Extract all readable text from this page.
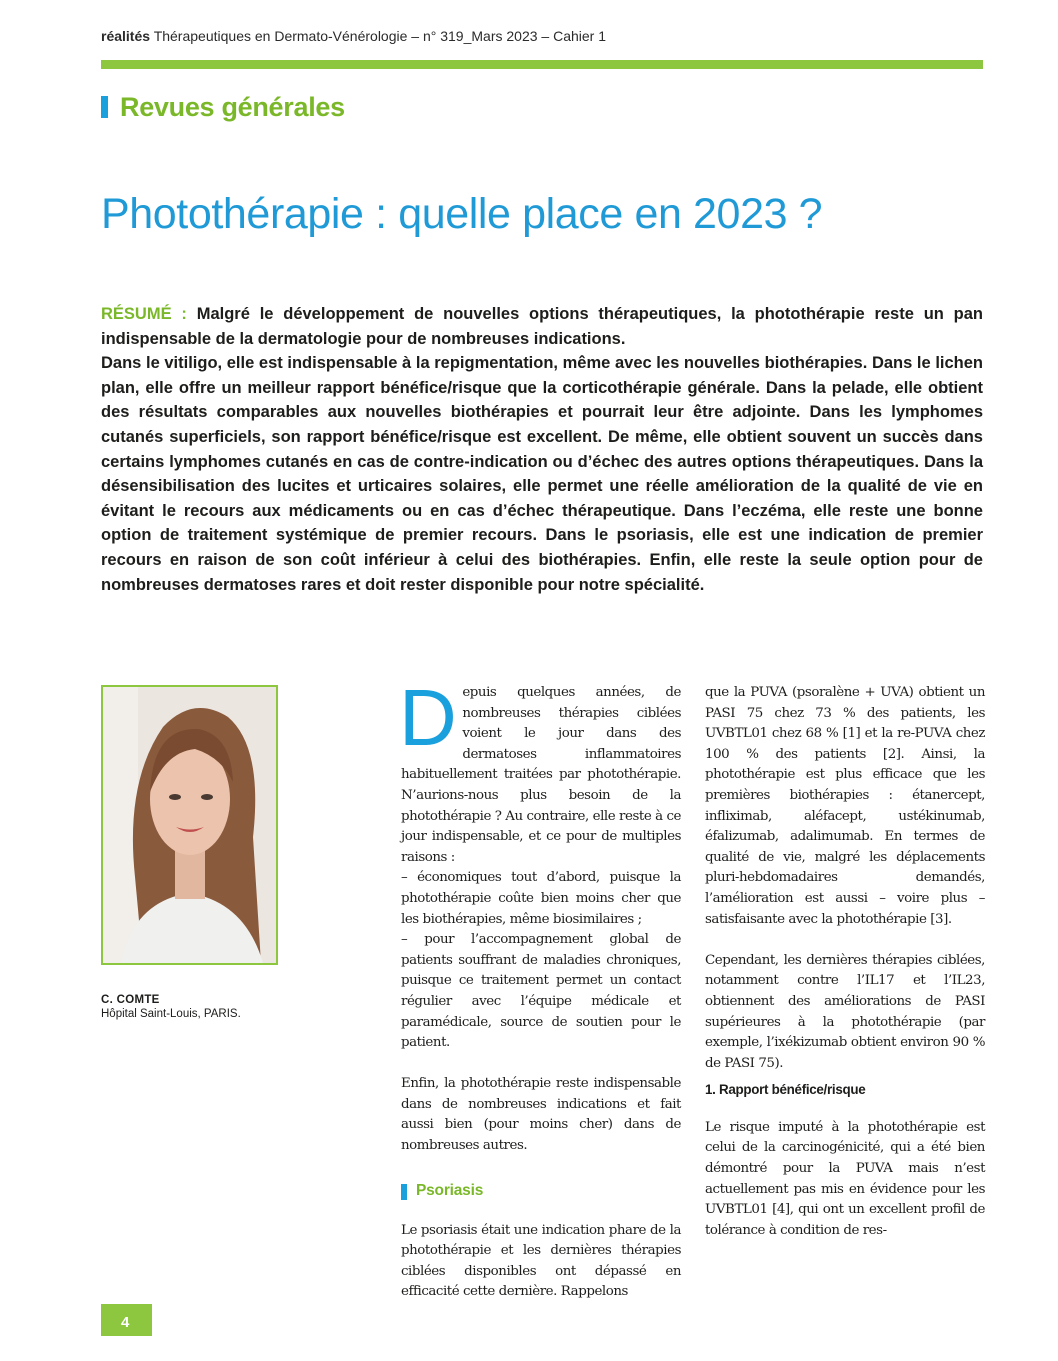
réalités Thérapeutiques en Dermato-Vénérologie – n° 319_Mars 2023 – Cahier 1
Revues générales
Photothérapie : quelle place en 2023 ?

RÉSUMÉ : Malgré le développement de nouvelles options thérapeutiques, la photothérapie reste un pan indispensable de la dermatologie pour de nombreuses indications.

Dans le vitiligo, elle est indispensable à la repigmentation, même avec les nouvelles biothérapies. Dans le lichen plan, elle offre un meilleur rapport bénéfice/risque que la corticothérapie générale. Dans la pelade, elle obtient des résultats comparables aux nouvelles biothérapies et pourrait leur être adjointe. Dans les lymphomes cutanés superficiels, son rapport bénéfice/risque est excellent. De même, elle obtient souvent un succès dans certains lymphomes cutanés en cas de contre-indication ou d’échec des autres options thérapeutiques. Dans la désensibilisation des lucites et urticaires solaires, elle permet une réelle amélioration de la qualité de vie en évitant le recours aux médicaments ou en cas d’échec thérapeutique. Dans l’eczéma, elle reste une bonne option de traitement systémique de premier recours. Dans le psoriasis, elle est une indication de premier recours en raison de son coût inférieur à celui des biothérapies. Enfin, elle reste la seule option pour de nombreuses dermatoses rares et doit rester disponible pour notre spécialité.

C. COMTE
Hôpital Saint-Louis, PARIS.

Depuis quelques années, de nombreuses thérapies ciblées voient le jour dans des dermatoses inflammatoires habituellement traitées par photothérapie. N’aurions-nous plus besoin de la photothérapie ? Au contraire, elle reste à ce jour indispensable, et ce pour de multiples raisons :

– économiques tout d’abord, puisque la photothérapie coûte bien moins cher que les biothérapies, même biosimilaires ;

– pour l’accompagnement global de patients souffrant de maladies chroniques, puisque ce traitement permet un contact régulier avec l’équipe médicale et paramédicale, source de soutien pour le patient.

Enfin, la photothérapie reste indispensable dans de nombreuses indications et fait aussi bien (pour moins cher) dans de nombreuses autres.

Psoriasis

Le psoriasis était une indication phare de la photothérapie et les dernières thérapies ciblées disponibles ont dépassé en efficacité cette dernière. Rappelons

que la PUVA (psoralène + UVA) obtient un PASI 75 chez 73 % des patients, les UVBTL01 chez 68 % [1] et la re-PUVA chez 100 % des patients [2]. Ainsi, la photothérapie est plus efficace que les premières biothérapies : étanercept, infliximab, aléfacept, ustékinumab, éfalizumab, adalimumab. En termes de qualité de vie, malgré les déplacements pluri-hebdomadaires demandés, l’amélioration est aussi – voire plus – satisfaisante avec la photothérapie [3].

Cependant, les dernières thérapies ciblées, notamment contre l’IL17 et l’IL23, obtiennent des améliorations de PASI supérieures à la photothérapie (par exemple, l’ixékizumab obtient environ 90 % de PASI 75).

1. Rapport bénéfice/risque

Le risque imputé à la photothérapie est celui de la carcinogénicité, qui a été bien démontré pour la PUVA mais n’est actuellement pas mis en évidence pour les UVBTL01 [4], qui ont un excellent profil de tolérance à condition de res-

4
